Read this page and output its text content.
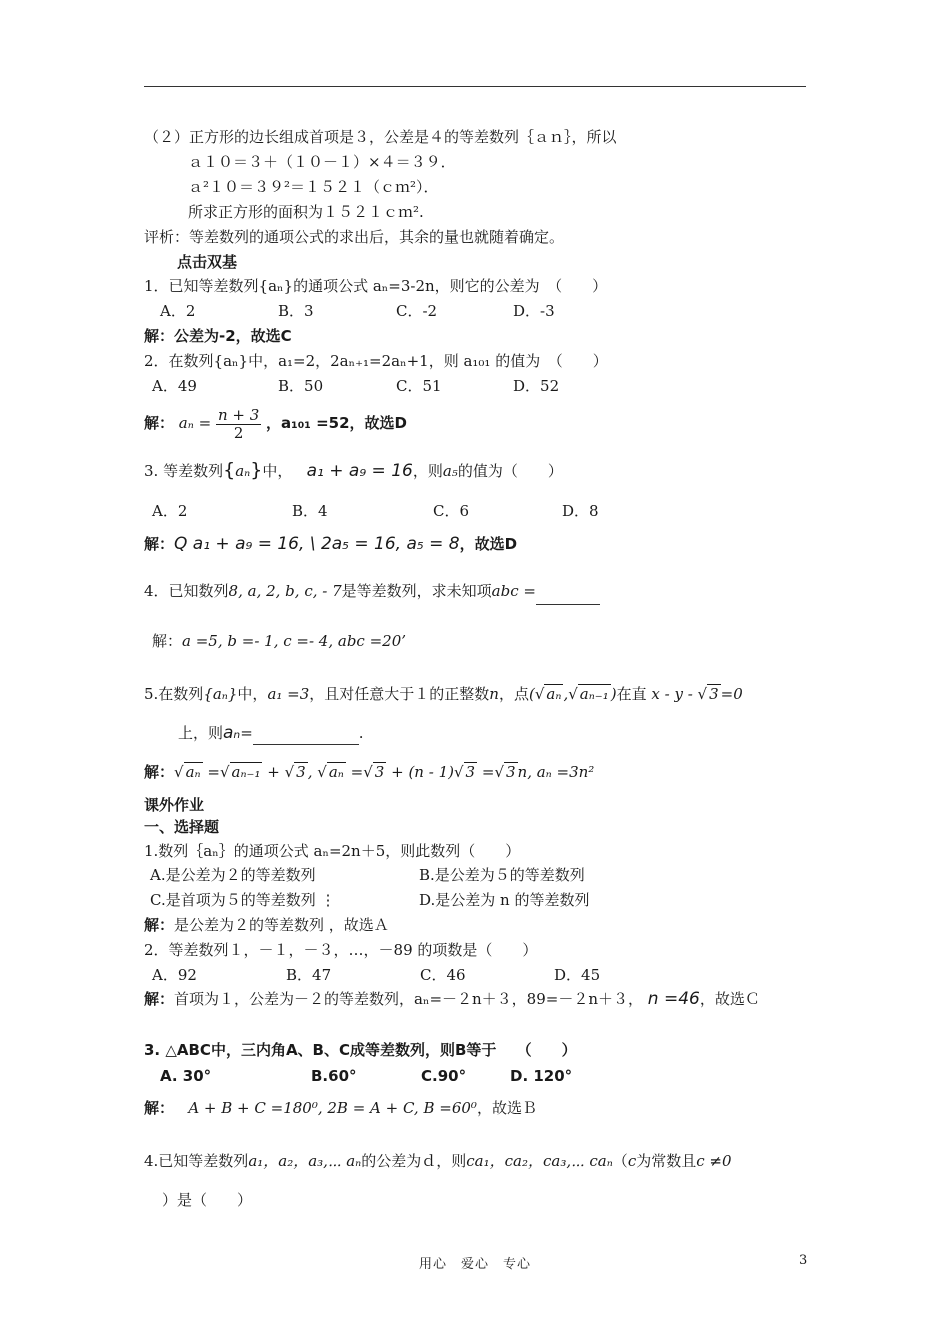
（２）正方形的边长组成首项是３，公差是４的等差数列｛ａｎ｝，所以
ａ１０＝３＋（１０－１）×４＝３９．
ａ²１０＝３９²＝１５２１（ｃｍ²）．
所求正方形的面积为１５２１ｃｍ².
评析：等差数列的通项公式的求出后，其余的量也就随着确定。
点击双基
1．已知等差数列{aₙ}的通项公式 aₙ=3-2n，则它的公差为　（　　）
A．2	B．3	C．-2	D．-3
解：公差为-2，故选C
2．在数列{aₙ}中，a₁=2，2aₙ₊₁=2aₙ+1，则 a₁₀₁ 的值为　（　　）
A．49	B．50	C．51	D．52
解： $a_n = \frac{n + 3}{2}$ ，a₁₀₁ =52，故选D
3. 等差数列{aₙ}中， a₁ + a₉ = 16，则a₅的值为（　　）
A．2	B．4	C．6	D．8
解：Q a₁ + a₉ = 16, \ 2a₅ = 16, a₅ = 8，故选D
4．已知数列8, a, 2, b, c, - 7是等差数列，求未知项abc =
解：a =5, b =- 1, c =- 4, abc =20’
5.在数列{aₙ}中，a₁ =3，且对任意大于１的正整数n，点(√ aₙ ,√ aₙ₋₁ )在直 x - y - √ 3 =0
上，则aₙ=	.
解：√ aₙ =√ aₙ₋₁ + √ 3 , √ aₙ =√ 3 + (n - 1)√ 3 =√ 3 n, aₙ =3n²
课外作业
一、选择题
1.数列｛aₙ｝的通项公式 aₙ=2n＋5，则此数列（　　）
A.是公差为２的等差数列	B.是公差为５的等差数列
C.是首项为５的等差数列 ⋮	D.是公差为 n 的等差数列
解：是公差为２的等差数列 ，故选Ａ
2．等差数列１，－１，－３，…，－89 的项数是（　　）
A．92	B．47	C．46	D．45
解：首项为１，公差为－２的等差数列，aₙ=－２n＋３，89=－２n＋３， n =46，故选Ｃ
3. △ABC中，三内角A、B、C成等差数列，则B等于　 （　　）
A. 30°	B.60°	C.90°	D. 120°
解： A + B + C =180⁰, 2B = A + C, B =60⁰，故选Ｂ
4.已知等差数列a₁，a₂，a₃,⋯ aₙ的公差为ｄ，则ca₁，ca₂，ca₃,⋯ caₙ（c为常数且c ≠0
）是（　　）
用心　爱心　专心	3
